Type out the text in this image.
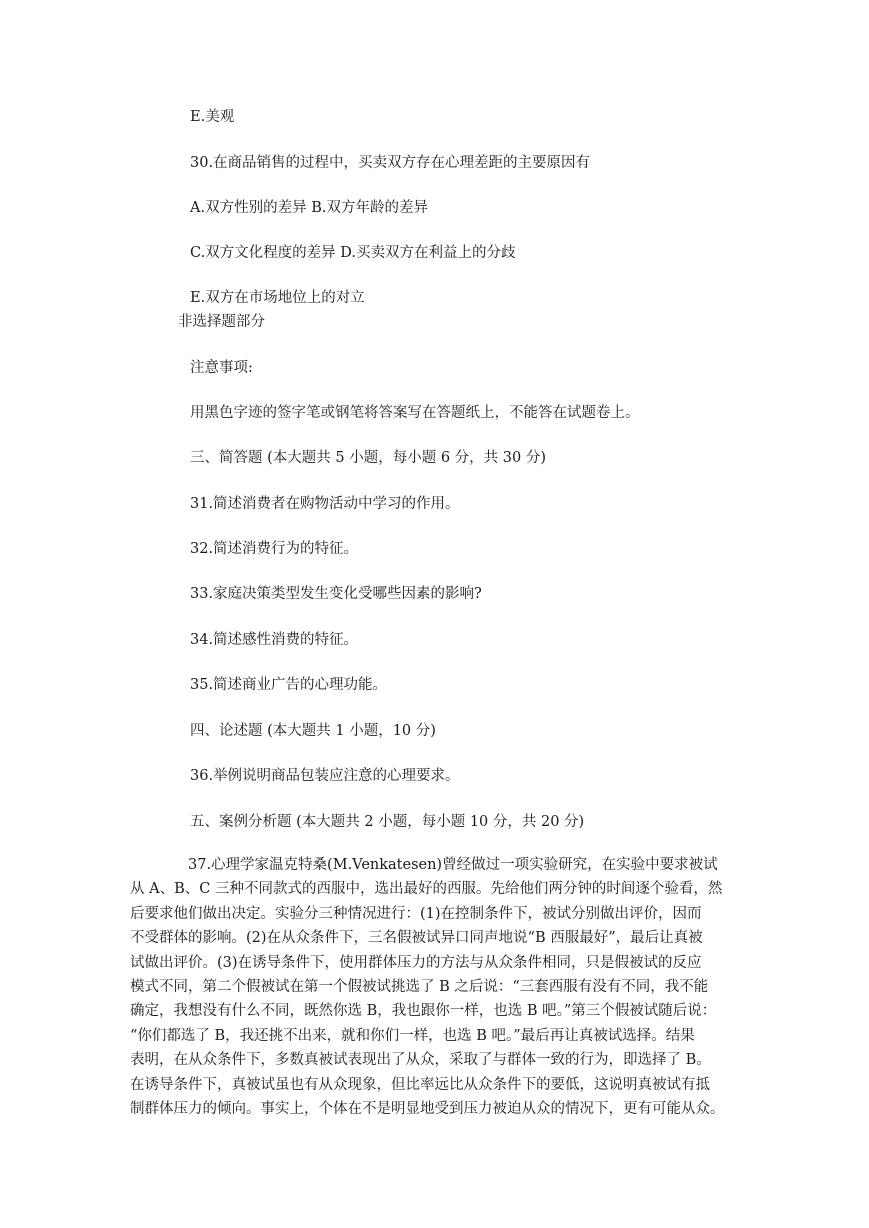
E.美观
30.在商品销售的过程中，买卖双方存在心理差距的主要原因有
A.双方性别的差异 B.双方年龄的差异
C.双方文化程度的差异 D.买卖双方在利益上的分歧
E.双方在市场地位上的对立
非选择题部分
注意事项:
用黑色字迹的签字笔或钢笔将答案写在答题纸上，不能答在试题卷上。
三、简答题 (本大题共 5 小题，每小题 6 分，共 30 分)
31.简述消费者在购物活动中学习的作用。
32.简述消费行为的特征。
33.家庭决策类型发生变化受哪些因素的影响?
34.简述感性消费的特征。
35.简述商业广告的心理功能。
四、论述题 (本大题共 1 小题，10 分)
36.举例说明商品包装应注意的心理要求。
五、案例分析题 (本大题共 2 小题，每小题 10 分，共 20 分)
37.心理学家温克特桑(M.Venkatesen)曾经做过一项实验研究，在实验中要求被试
从 A、B、C 三种不同款式的西服中，选出最好的西服。先给他们两分钟的时间逐个验看，然
后要求他们做出决定。实验分三种情况进行：(1)在控制条件下，被试分别做出评价，因而
不受群体的影响。(2)在从众条件下，三名假被试异口同声地说“B 西服最好”，最后让真被
试做出评价。(3)在诱导条件下，使用群体压力的方法与从众条件相同，只是假被试的反应
模式不同，第二个假被试在第一个假被试挑选了 B 之后说：“三套西服有没有不同，我不能
确定，我想没有什么不同，既然你选 B，我也跟你一样，也选 B 吧。”第三个假被试随后说：
“你们都选了 B，我还挑不出来，就和你们一样，也选 B 吧。”最后再让真被试选择。结果
表明，在从众条件下，多数真被试表现出了从众，采取了与群体一致的行为，即选择了 B。
在诱导条件下，真被试虽也有从众现象，但比率远比从众条件下的要低，这说明真被试有抵
制群体压力的倾向。事实上，个体在不是明显地受到压力被迫从众的情况下，更有可能从众。
